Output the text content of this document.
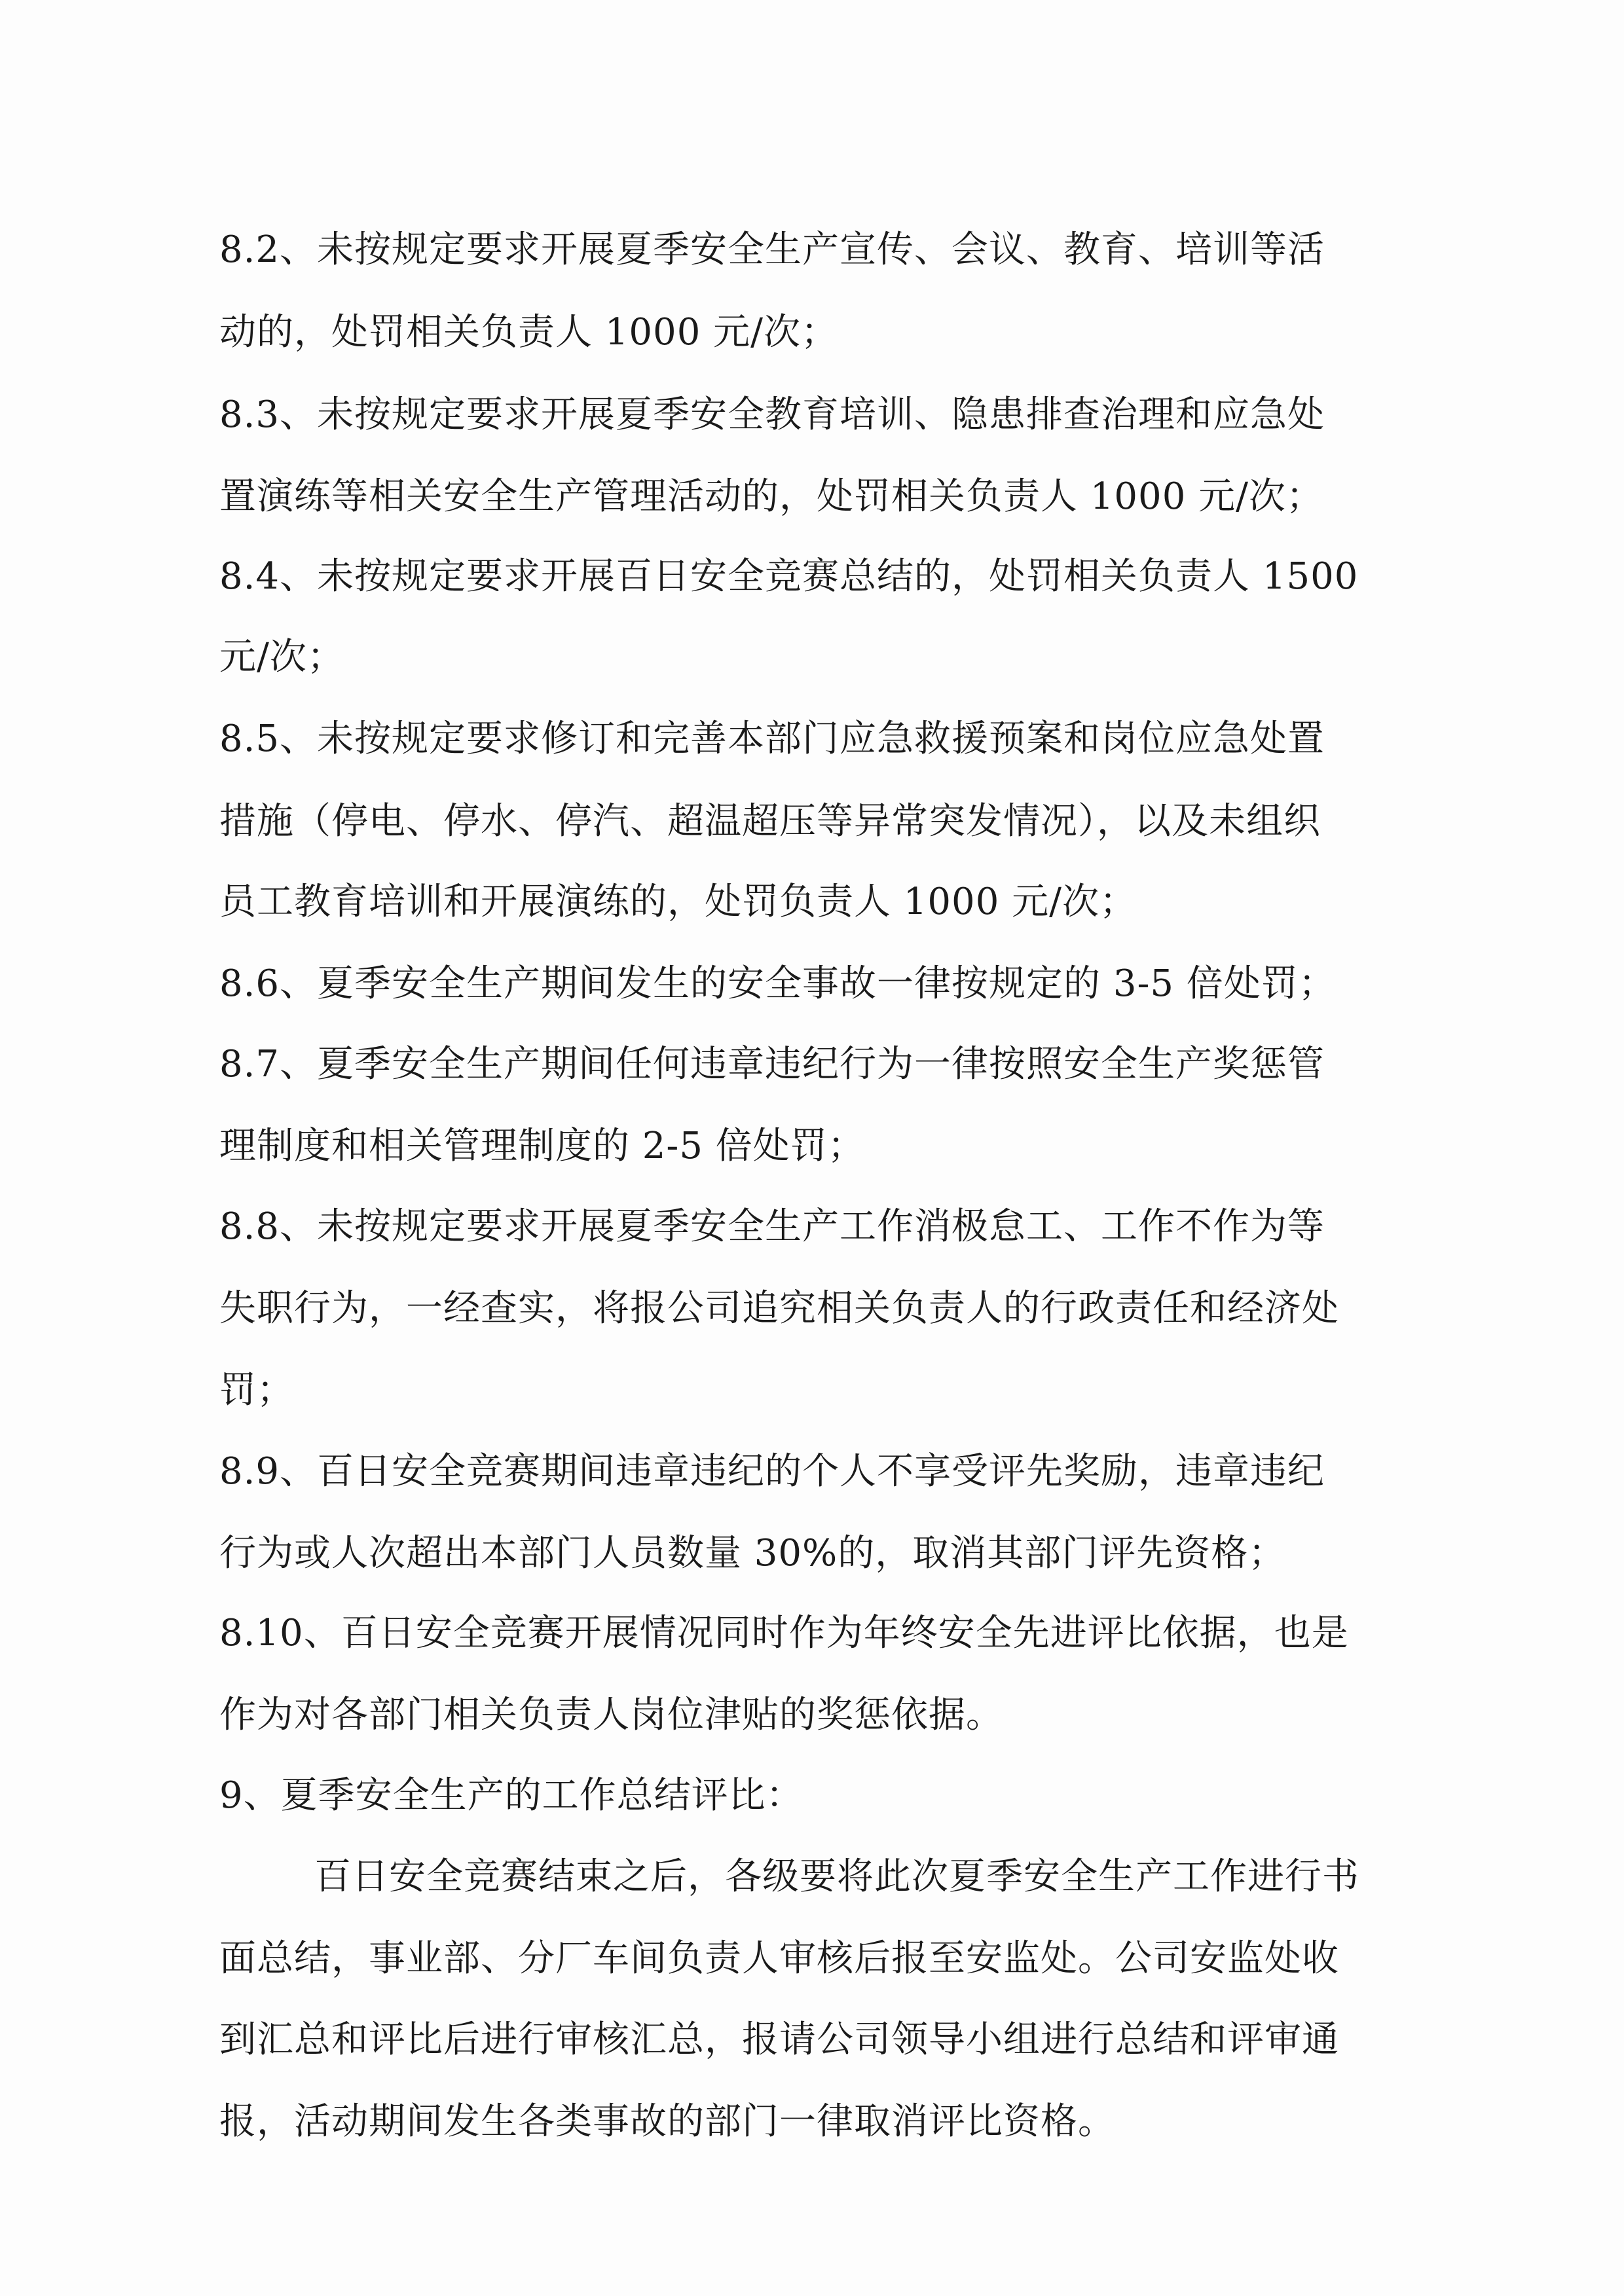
8.2、未按规定要求开展夏季安全生产宣传、会议、教育、培训等活
动的，处罚相关负责人 1000 元/次；
8.3、未按规定要求开展夏季安全教育培训、隐患排查治理和应急处
置演练等相关安全生产管理活动的，处罚相关负责人 1000 元/次；
8.4、未按规定要求开展百日安全竞赛总结的，处罚相关负责人 1500
元/次；
8.5、未按规定要求修订和完善本部门应急救援预案和岗位应急处置
措施（停电、停水、停汽、超温超压等异常突发情况），以及未组织
员工教育培训和开展演练的，处罚负责人 1000 元/次；
8.6、夏季安全生产期间发生的安全事故一律按规定的 3-5 倍处罚；
8.7、夏季安全生产期间任何违章违纪行为一律按照安全生产奖惩管
理制度和相关管理制度的 2-5 倍处罚；
8.8、未按规定要求开展夏季安全生产工作消极怠工、工作不作为等
失职行为，一经查实，将报公司追究相关负责人的行政责任和经济处
罚；
8.9、百日安全竞赛期间违章违纪的个人不享受评先奖励，违章违纪
行为或人次超出本部门人员数量 30%的，取消其部门评先资格；
8.10、百日安全竞赛开展情况同时作为年终安全先进评比依据，也是
作为对各部门相关负责人岗位津贴的奖惩依据。
9、夏季安全生产的工作总结评比：
百日安全竞赛结束之后，各级要将此次夏季安全生产工作进行书
面总结，事业部、分厂车间负责人审核后报至安监处。公司安监处收
到汇总和评比后进行审核汇总，报请公司领导小组进行总结和评审通
报，活动期间发生各类事故的部门一律取消评比资格。
